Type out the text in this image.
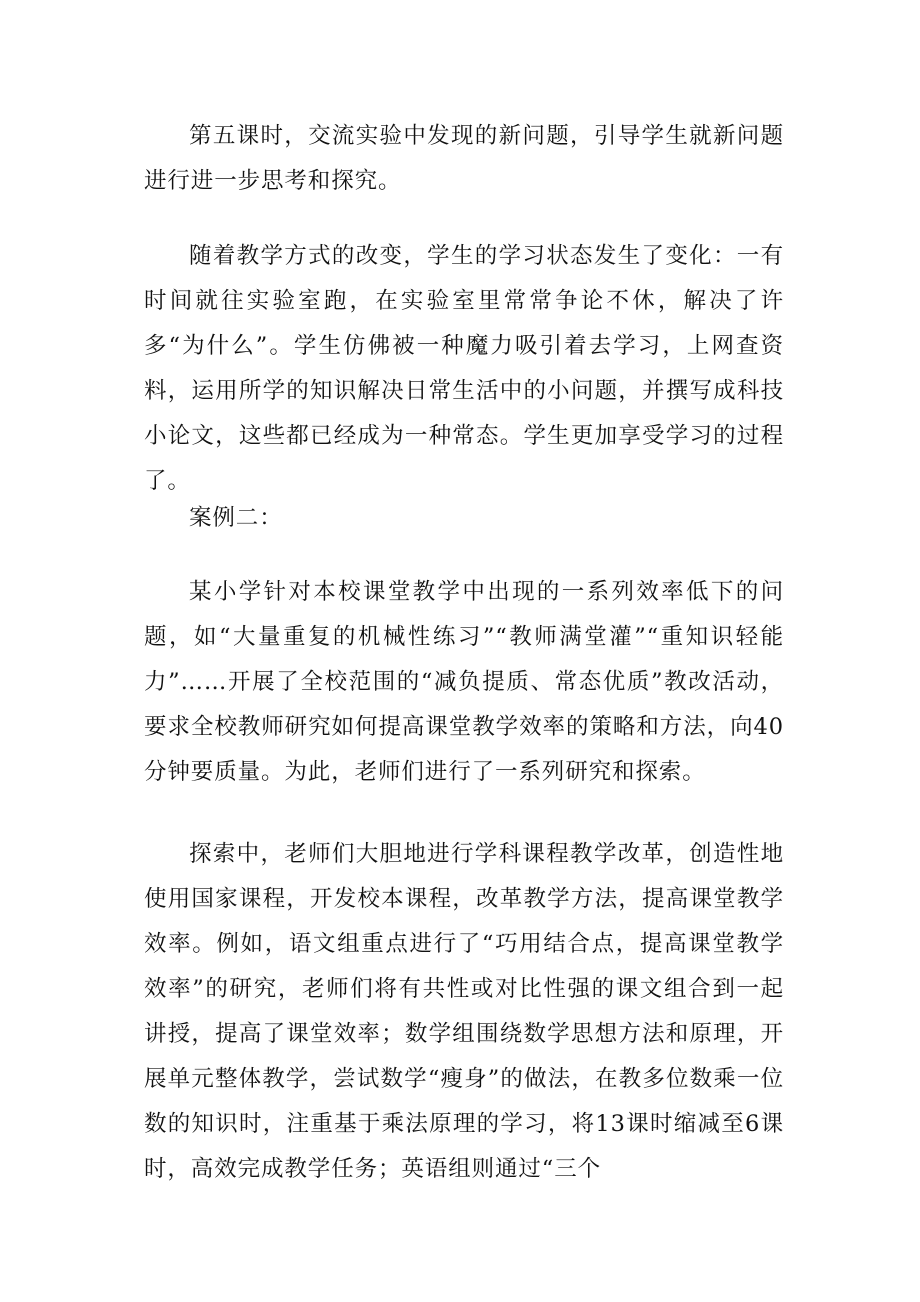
第五课时，交流实验中发现的新问题，引导学生就新问题进行进一步思考和探究。

随着教学方式的改变，学生的学习状态发生了变化：一有时间就往实验室跑，在实验室里常常争论不休，解决了许多“为什么”。学生仿佛被一种魔力吸引着去学习，上网查资料，运用所学的知识解决日常生活中的小问题，并撰写成科技小论文，这些都已经成为一种常态。学生更加享受学习的过程了。

案例二：

某小学针对本校课堂教学中出现的一系列效率低下的问题，如“大量重复的机械性练习”“教师满堂灌”“重知识轻能力”……开展了全校范围的“减负提质、常态优质”教改活动，要求全校教师研究如何提高课堂教学效率的策略和方法，向40分钟要质量。为此，老师们进行了一系列研究和探索。

探索中，老师们大胆地进行学科课程教学改革，创造性地使用国家课程，开发校本课程，改革教学方法，提高课堂教学效率。例如，语文组重点进行了“巧用结合点，提高课堂教学效率”的研究，老师们将有共性或对比性强的课文组合到一起讲授，提高了课堂效率；数学组围绕数学思想方法和原理，开展单元整体教学，尝试数学“瘦身”的做法，在教多位数乘一位数的知识时，注重基于乘法原理的学习，将13课时缩减至6课时，高效完成教学任务；英语组则通过“三个
